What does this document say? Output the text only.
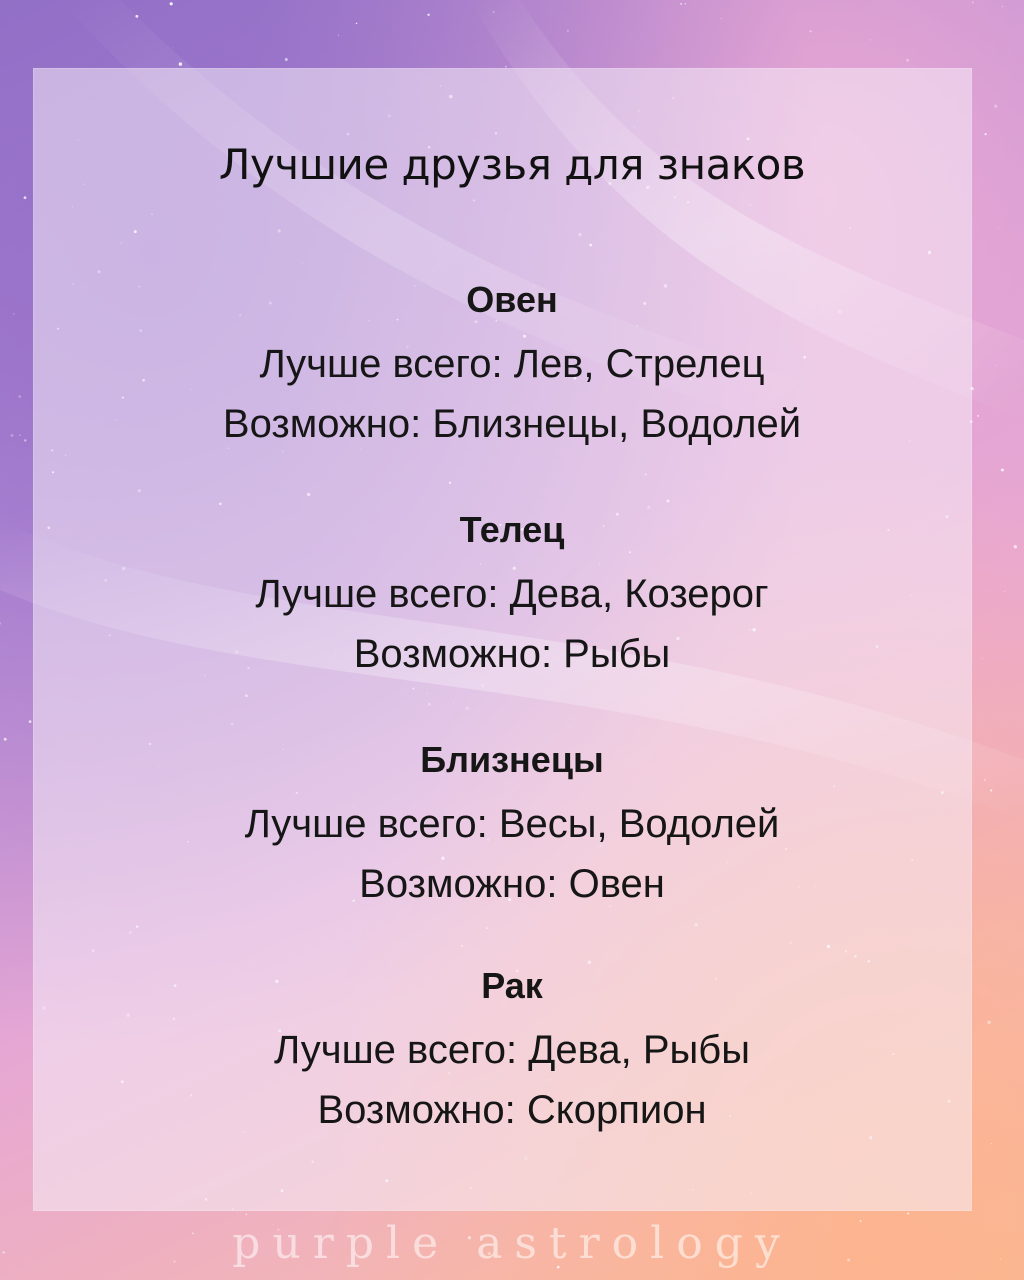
Лучшие друзья для знаков
Овен
Лучше всего: Лев, Стрелец
Возможно: Близнецы, Водолей
Телец
Лучше всего: Дева, Козерог
Возможно: Рыбы
Близнецы
Лучше всего: Весы, Водолей
Возможно: Овен
Рак
Лучше всего: Дева, Рыбы
Возможно: Скорпион
purple astrology
